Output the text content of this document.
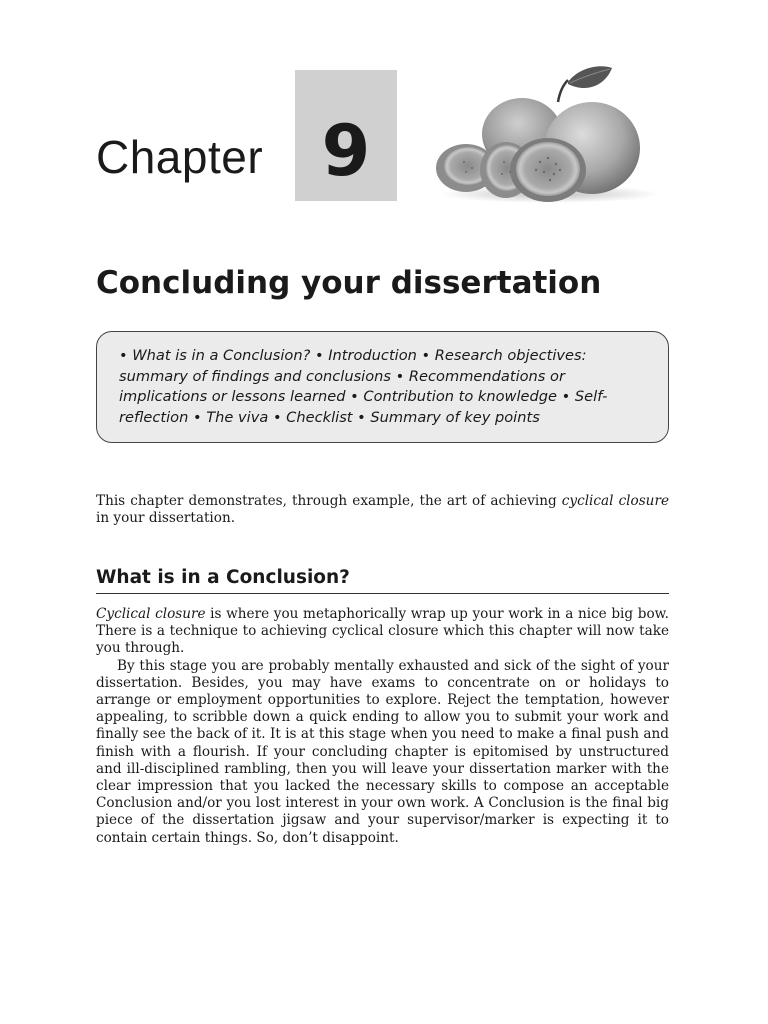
Chapter 9
Concluding your dissertation
• What is in a Conclusion? • Introduction • Research objectives: summary of findings and conclusions • Recommendations or implications or lessons learned • Contribution to knowledge • Self-reflection • The viva • Checklist • Summary of key points

This chapter demonstrates, through example, the art of achieving cyclical closure in your dissertation.

What is in a Conclusion?

Cyclical closure is where you metaphorically wrap up your work in a nice big bow. There is a technique to achieving cyclical closure which this chapter will now take you through.

By this stage you are probably mentally exhausted and sick of the sight of your dissertation. Besides, you may have exams to concentrate on or holidays to arrange or employment opportunities to explore. Reject the temptation, however appealing, to scribble down a quick ending to allow you to submit your work and finally see the back of it. It is at this stage when you need to make a final push and finish with a flourish. If your concluding chapter is epitomised by unstructured and ill-disciplined rambling, then you will leave your dissertation marker with the clear impression that you lacked the necessary skills to compose an acceptable Conclusion and/or you lost interest in your own work. A Conclusion is the final big piece of the dissertation jigsaw and your supervisor/marker is expecting it to contain certain things. So, don’t disappoint.
